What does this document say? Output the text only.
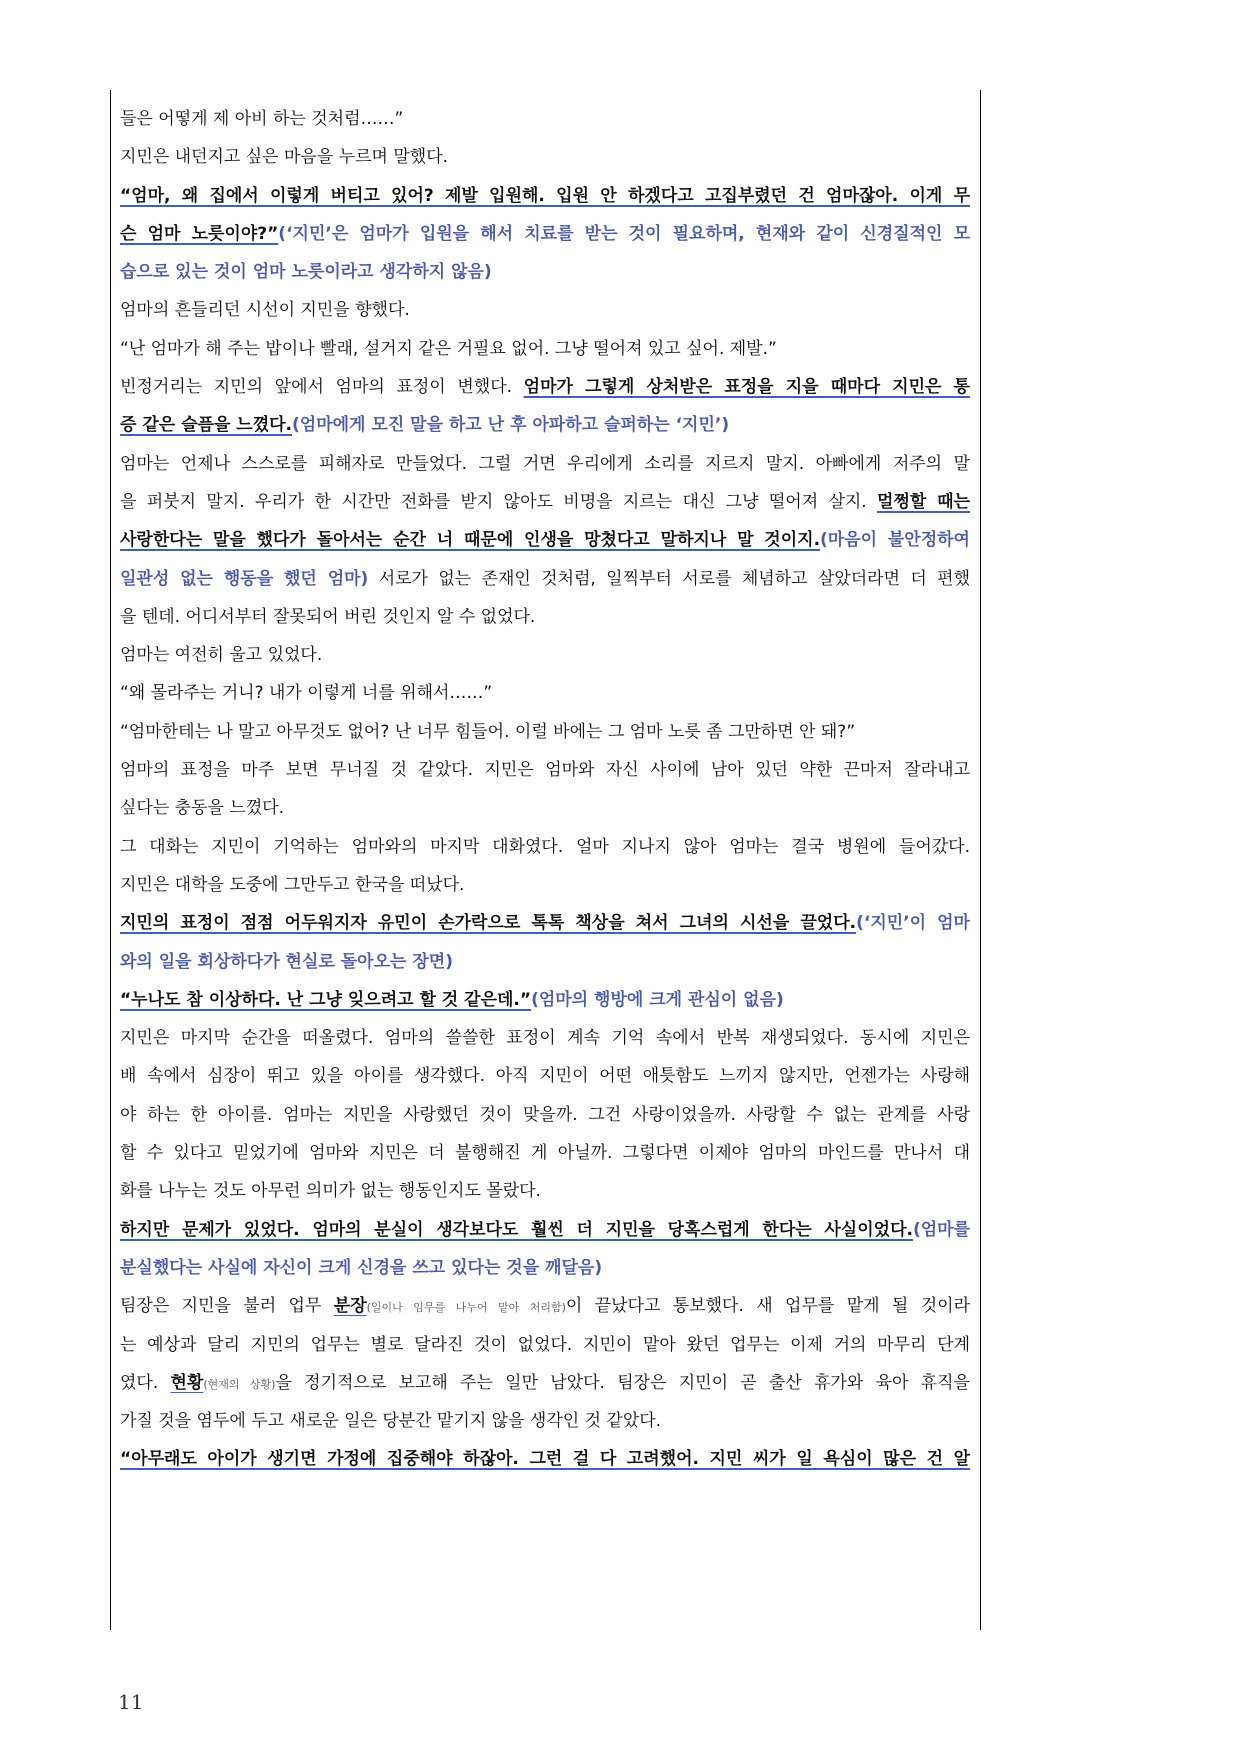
들은 어떻게 제 아비 하는 것처럼……”
지민은 내던지고 싶은 마음을 누르며 말했다.
“엄마, 왜 집에서 이렇게 버티고 있어? 제발 입원해. 입원 안 하겠다고 고집부렸던 건 엄마잖아. 이게 무
슨 엄마 노릇이야?”(‘지민’은 엄마가 입원을 해서 치료를 받는 것이 필요하며, 현재와 같이 신경질적인 모
습으로 있는 것이 엄마 노릇이라고 생각하지 않음)
엄마의 흔들리던 시선이 지민을 향했다.
“난 엄마가 해 주는 밥이나 빨래, 설거지 같은 거필요 없어. 그냥 떨어져 있고 싶어. 제발.”
빈정거리는 지민의 앞에서 엄마의 표정이 변했다. 엄마가 그렇게 상처받은 표정을 지을 때마다 지민은 통
증 같은 슬픔을 느꼈다.(엄마에게 모진 말을 하고 난 후 아파하고 슬퍼하는 ‘지민’)
엄마는 언제나 스스로를 피해자로 만들었다. 그럴 거면 우리에게 소리를 지르지 말지. 아빠에게 저주의 말
을 퍼붓지 말지. 우리가 한 시간만 전화를 받지 않아도 비명을 지르는 대신 그냥 떨어져 살지. 멀쩡할 때는
사랑한다는 말을 했다가 돌아서는 순간 너 때문에 인생을 망쳤다고 말하지나 말 것이지.(마음이 불안정하여
일관성 없는 행동을 했던 엄마) 서로가 없는 존재인 것처럼, 일찍부터 서로를 체념하고 살았더라면 더 편했
을 텐데. 어디서부터 잘못되어 버린 것인지 알 수 없었다.
엄마는 여전히 울고 있었다.
“왜 몰라주는 거니? 내가 이렇게 너를 위해서……”
“엄마한테는 나 말고 아무것도 없어? 난 너무 힘들어. 이럴 바에는 그 엄마 노릇 좀 그만하면 안 돼?”
엄마의 표정을 마주 보면 무너질 것 같았다. 지민은 엄마와 자신 사이에 남아 있던 약한 끈마저 잘라내고
싶다는 충동을 느꼈다.
그 대화는 지민이 기억하는 엄마와의 마지막 대화였다. 얼마 지나지 않아 엄마는 결국 병원에 들어갔다.
지민은 대학을 도중에 그만두고 한국을 떠났다.
지민의 표정이 점점 어두워지자 유민이 손가락으로 톡톡 책상을 쳐서 그녀의 시선을 끌었다.(‘지민’이 엄마
와의 일을 회상하다가 현실로 돌아오는 장면)
“누나도 참 이상하다. 난 그냥 잊으려고 할 것 같은데.”(엄마의 행방에 크게 관심이 없음)
지민은 마지막 순간을 떠올렸다. 엄마의 쓸쓸한 표정이 계속 기억 속에서 반복 재생되었다. 동시에 지민은
배 속에서 심장이 뛰고 있을 아이를 생각했다. 아직 지민이 어떤 애틋함도 느끼지 않지만, 언젠가는 사랑해
야 하는 한 아이를. 엄마는 지민을 사랑했던 것이 맞을까. 그건 사랑이었을까. 사랑할 수 없는 관계를 사랑
할 수 있다고 믿었기에 엄마와 지민은 더 불행해진 게 아닐까. 그렇다면 이제야 엄마의 마인드를 만나서 대
화를 나누는 것도 아무런 의미가 없는 행동인지도 몰랐다.
하지만 문제가 있었다. 엄마의 분실이 생각보다도 훨씬 더 지민을 당혹스럽게 한다는 사실이었다.(엄마를
분실했다는 사실에 자신이 크게 신경을 쓰고 있다는 것을 깨달음)
팀장은 지민을 불러 업무 분장(일이나 임무를 나누어 맡아 처리함)이 끝났다고 통보했다. 새 업무를 맡게 될 것이라
는 예상과 달리 지민의 업무는 별로 달라진 것이 없었다. 지민이 맡아 왔던 업무는 이제 거의 마무리 단계
였다. 현황(현재의 상황)을 정기적으로 보고해 주는 일만 남았다. 팀장은 지민이 곧 출산 휴가와 육아 휴직을
가질 것을 염두에 두고 새로운 일은 당분간 맡기지 않을 생각인 것 같았다.
“아무래도 아이가 생기면 가정에 집중해야 하잖아. 그런 걸 다 고려했어. 지민 씨가 일 욕심이 많은 건 알
11
